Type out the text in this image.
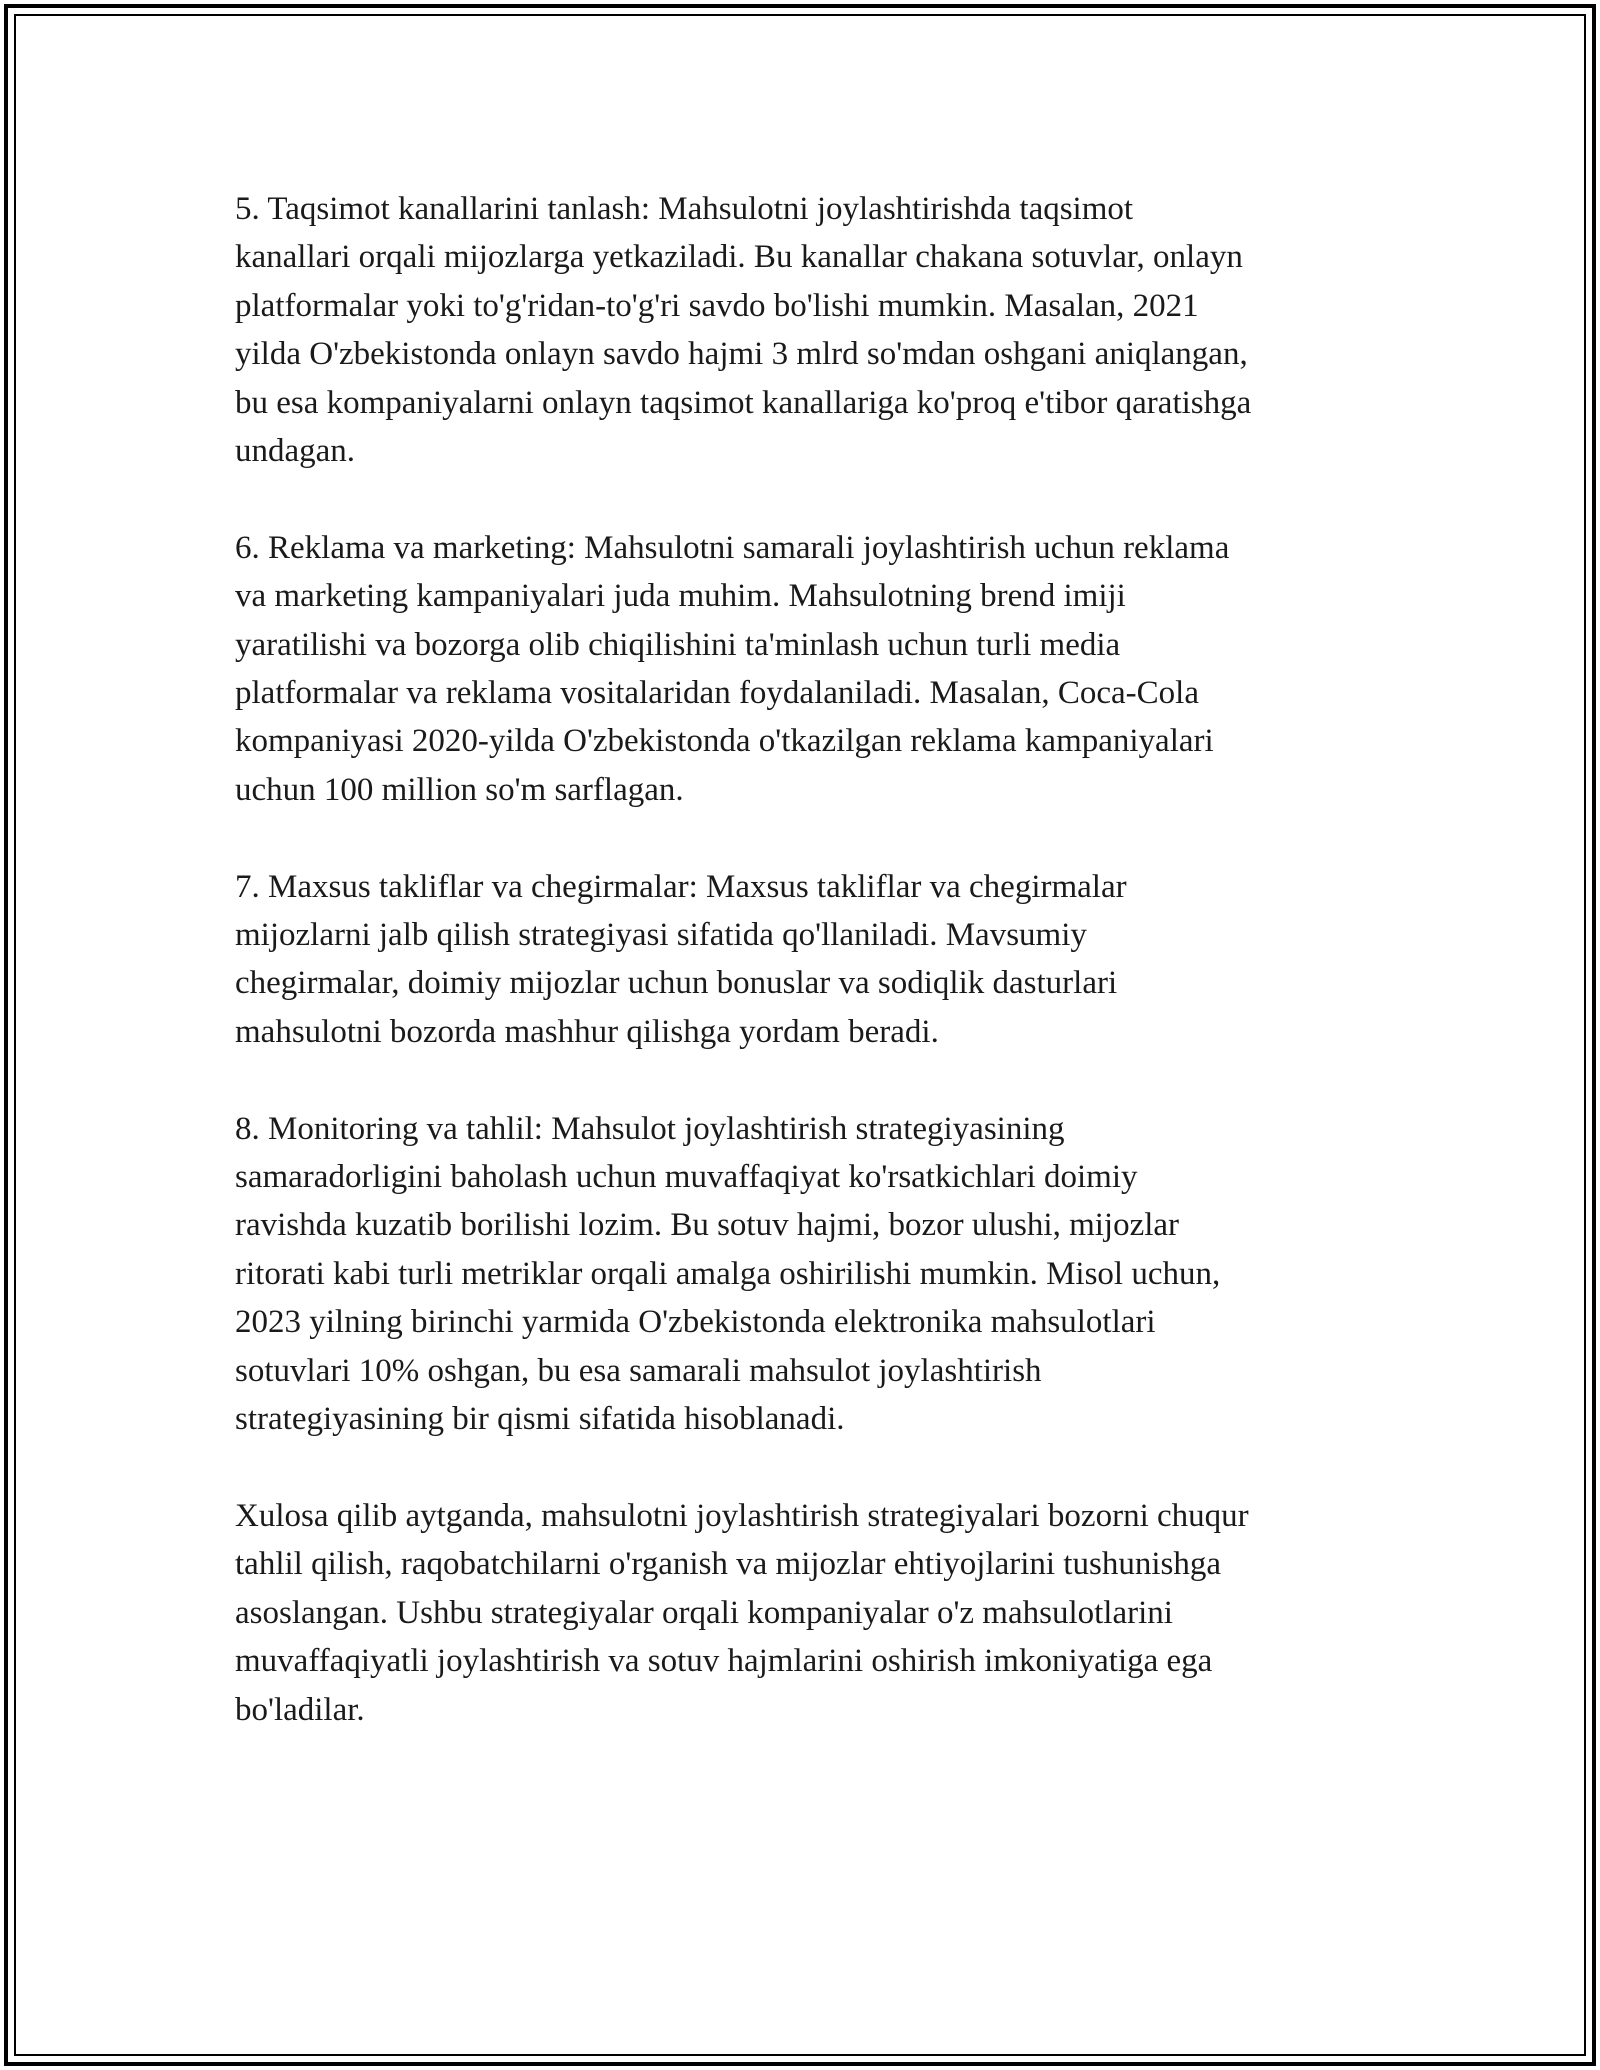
5. Taqsimot kanallarini tanlash: Mahsulotni joylashtirishda taqsimot
kanallari orqali mijozlarga yetkaziladi. Bu kanallar chakana sotuvlar, onlayn
platformalar yoki to'g'ridan-to'g'ri savdo bo'lishi mumkin. Masalan, 2021
yilda O'zbekistonda onlayn savdo hajmi 3 mlrd so'mdan oshgani aniqlangan,
bu esa kompaniyalarni onlayn taqsimot kanallariga ko'proq e'tibor qaratishga
undagan.

6. Reklama va marketing: Mahsulotni samarali joylashtirish uchun reklama
va marketing kampaniyalari juda muhim. Mahsulotning brend imiji
yaratilishi va bozorga olib chiqilishini ta'minlash uchun turli media
platformalar va reklama vositalaridan foydalaniladi. Masalan, Coca-Cola
kompaniyasi 2020-yilda O'zbekistonda o'tkazilgan reklama kampaniyalari
uchun 100 million so'm sarflagan.

7. Maxsus takliflar va chegirmalar: Maxsus takliflar va chegirmalar
mijozlarni jalb qilish strategiyasi sifatida qo'llaniladi. Mavsumiy
chegirmalar, doimiy mijozlar uchun bonuslar va sodiqlik dasturlari
mahsulotni bozorda mashhur qilishga yordam beradi.

8. Monitoring va tahlil: Mahsulot joylashtirish strategiyasining
samaradorligini baholash uchun muvaffaqiyat ko'rsatkichlari doimiy
ravishda kuzatib borilishi lozim. Bu sotuv hajmi, bozor ulushi, mijozlar
ritorati kabi turli metriklar orqali amalga oshirilishi mumkin. Misol uchun,
2023 yilning birinchi yarmida O'zbekistonda elektronika mahsulotlari
sotuvlari 10% oshgan, bu esa samarali mahsulot joylashtirish
strategiyasining bir qismi sifatida hisoblanadi.

Xulosa qilib aytganda, mahsulotni joylashtirish strategiyalari bozorni chuqur
tahlil qilish, raqobatchilarni o'rganish va mijozlar ehtiyojlarini tushunishga
asoslangan. Ushbu strategiyalar orqali kompaniyalar o'z mahsulotlarini
muvaffaqiyatli joylashtirish va sotuv hajmlarini oshirish imkoniyatiga ega
bo'ladilar.
